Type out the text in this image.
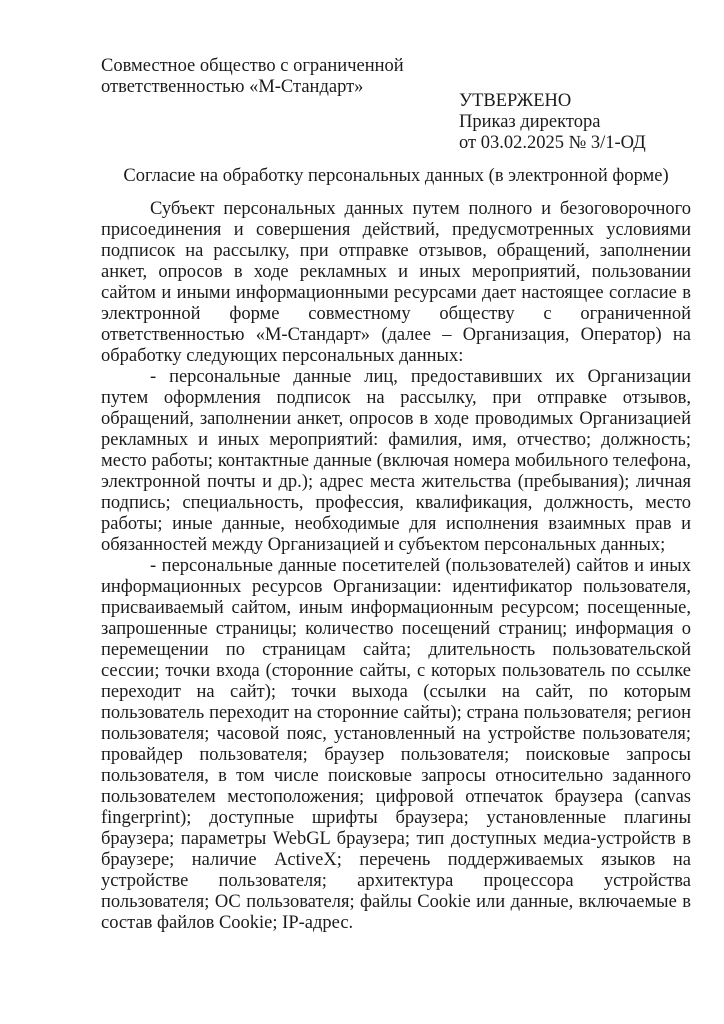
Совместное общество с ограниченной ответственностью «М-Стандарт»
УТВЕРЖЕНО
Приказ директора
от 03.02.2025 № 3/1-ОД
Согласие на обработку персональных данных (в электронной форме)

Субъект персональных данных путем полного и безоговорочного присоединения и совершения действий, предусмотренных условиями подписок на рассылку, при отправке отзывов, обращений, заполнении анкет, опросов в ходе рекламных и иных мероприятий, пользовании сайтом и иными информационными ресурсами дает настоящее согласие в электронной форме совместному обществу с ограниченной ответственностью «М-Стандарт» (далее – Организация, Оператор) на обработку следующих персональных данных:

- персональные данные лиц, предоставивших их Организации путем оформления подписок на рассылку, при отправке отзывов, обращений, заполнении анкет, опросов в ходе проводимых Организацией рекламных и иных мероприятий: фамилия, имя, отчество; должность; место работы; контактные данные (включая номера мобильного телефона, электронной почты и др.); адрес места жительства (пребывания); личная подпись; специальность, профессия, квалификация, должность, место работы; иные данные, необходимые для исполнения взаимных прав и обязанностей между Организацией и субъектом персональных данных;

- персональные данные посетителей (пользователей) сайтов и иных информационных ресурсов Организации: идентификатор пользователя, присваиваемый сайтом, иным информационным ресурсом; посещенные, запрошенные страницы; количество посещений страниц; информация о перемещении по страницам сайта; длительность пользовательской сессии; точки входа (сторонние сайты, с которых пользователь по ссылке переходит на сайт); точки выхода (ссылки на сайт, по которым пользователь переходит на сторонние сайты); страна пользователя; регион пользователя; часовой пояс, установленный на устройстве пользователя; провайдер пользователя; браузер пользователя; поисковые запросы пользователя, в том числе поисковые запросы относительно заданного пользователем местоположения; цифровой отпечаток браузера (canvas fingerprint); доступные шрифты браузера; установленные плагины браузера; параметры WebGL браузера; тип доступных медиа-устройств в браузере; наличие ActiveX; перечень поддерживаемых языков на устройстве пользователя; архитектура процессора устройства пользователя; ОС пользователя; файлы Cookie или данные, включаемые в состав файлов Cookie; IP-адрес.
